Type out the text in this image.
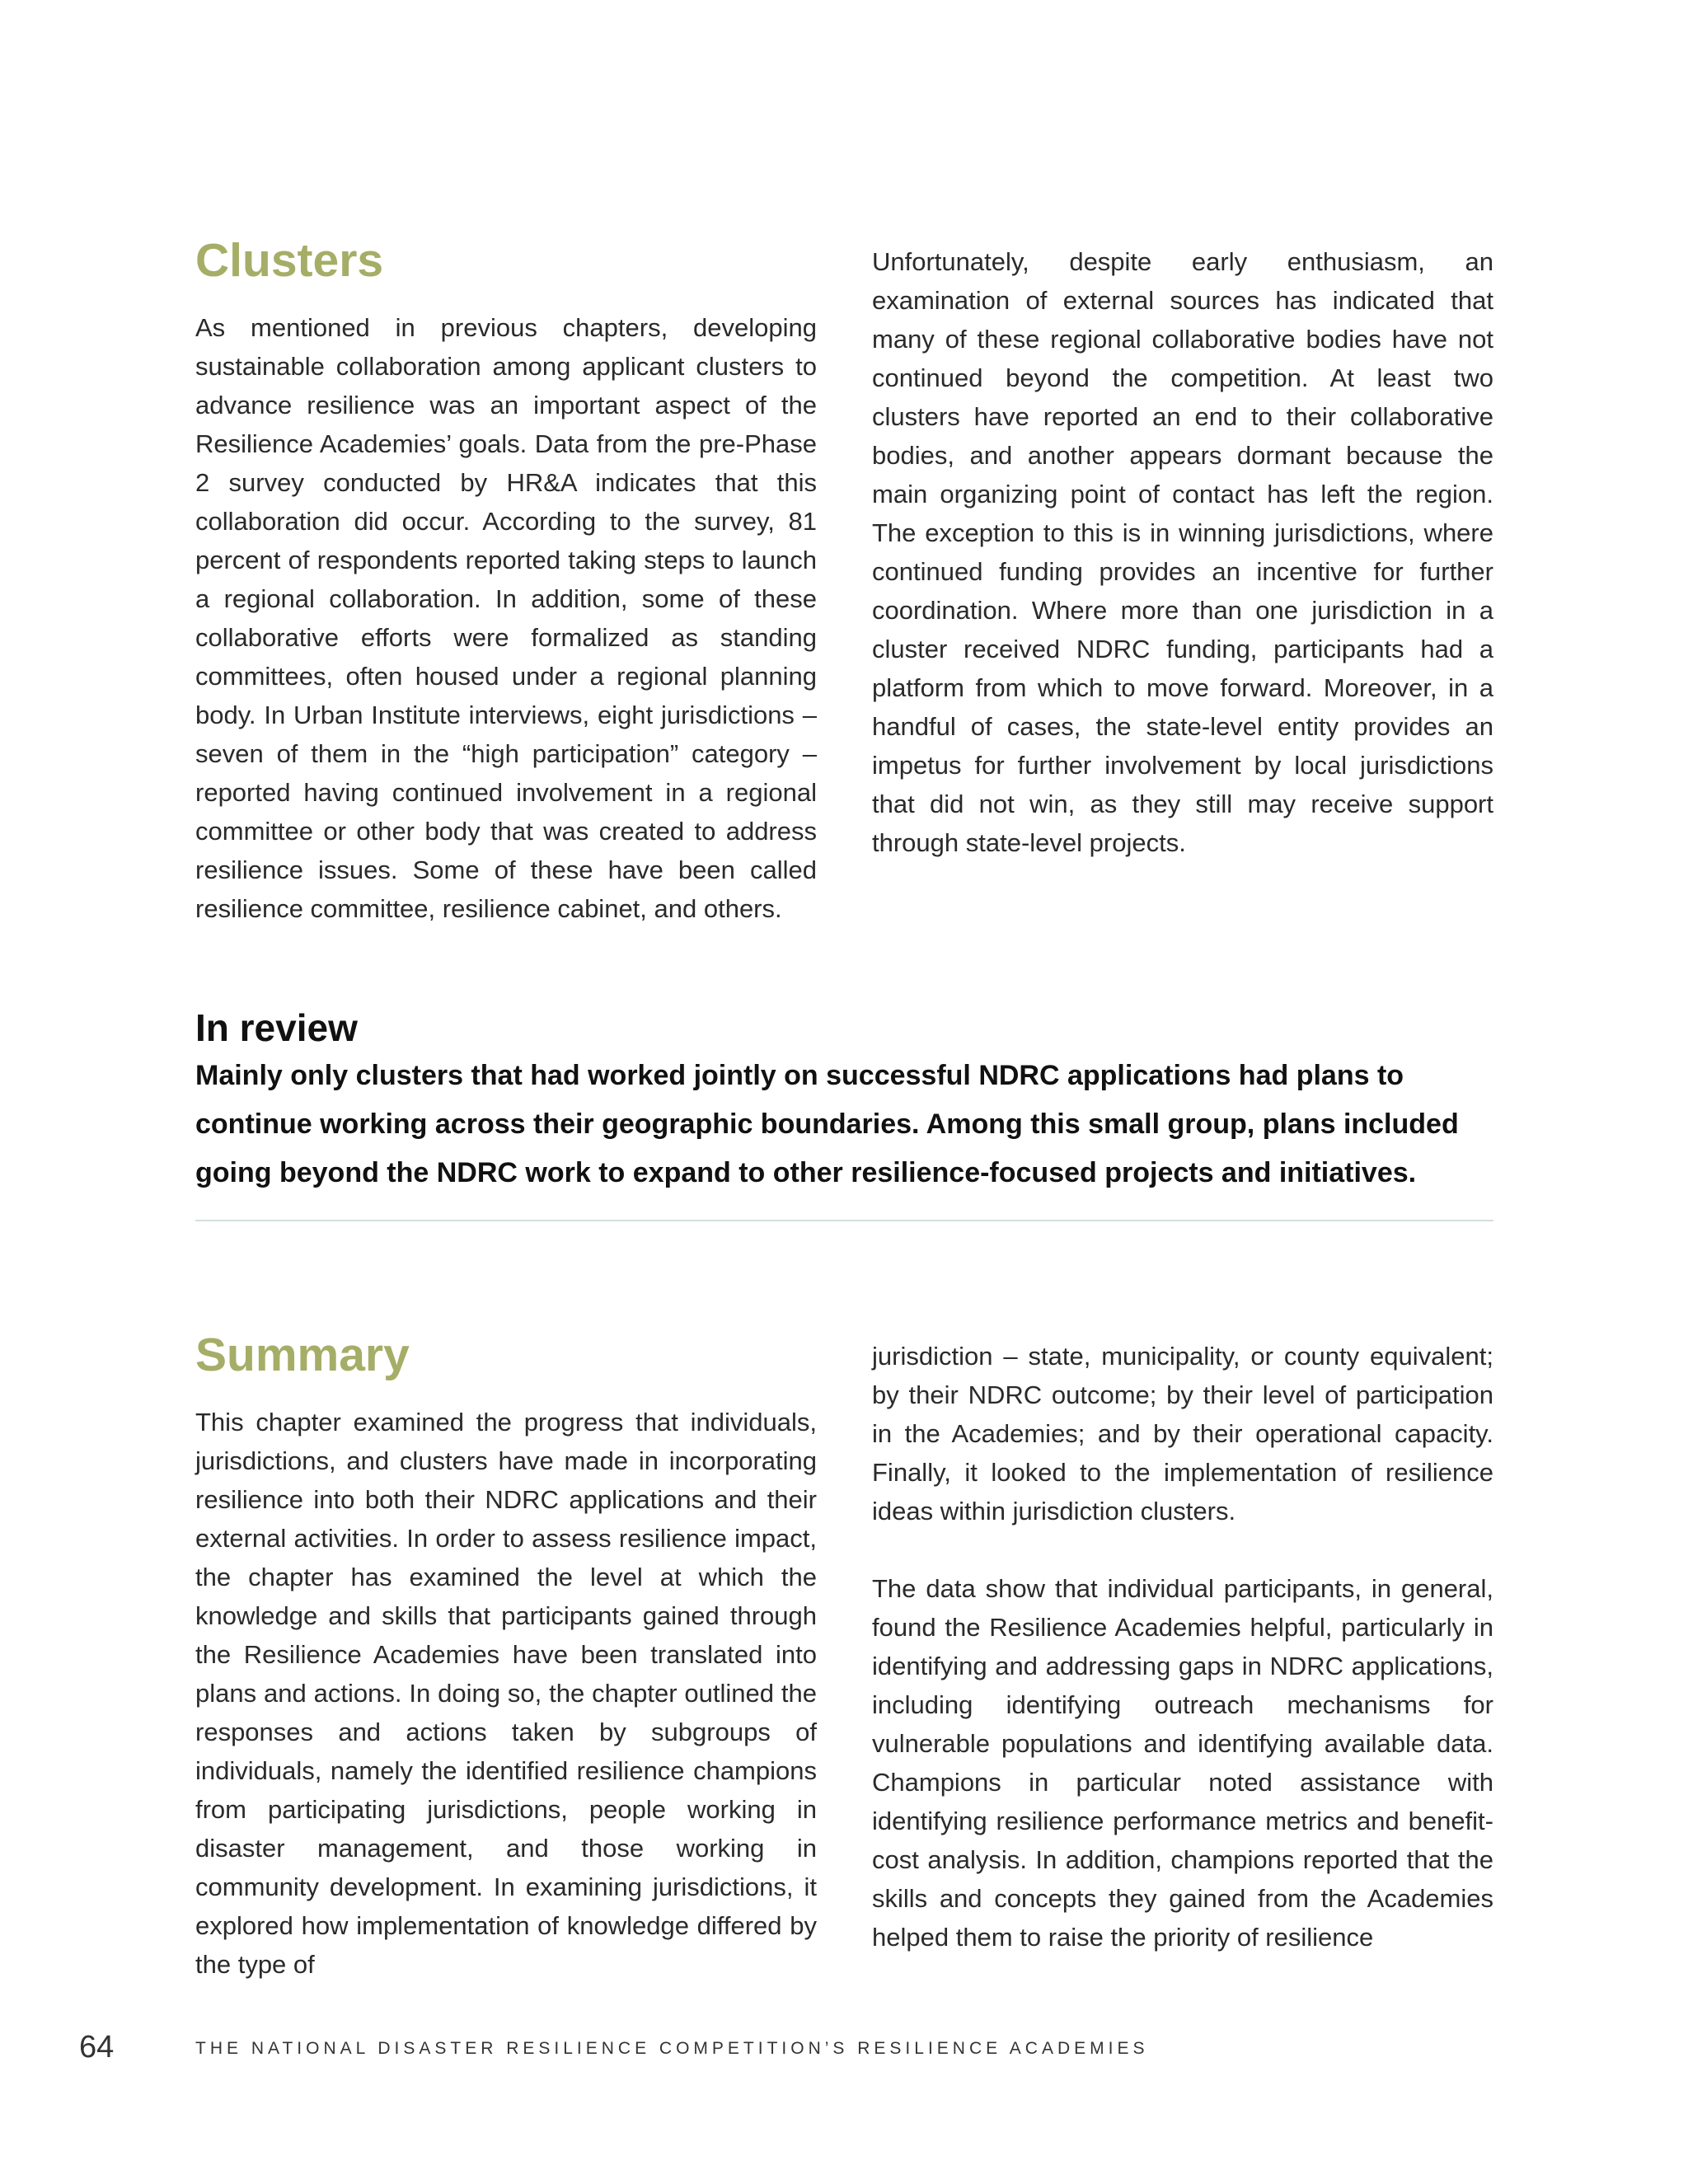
Clusters

As mentioned in previous chapters, developing sustainable collaboration among applicant clusters to advance resilience was an important aspect of the Resilience Academies’ goals. Data from the pre-Phase 2 survey conducted by HR&A indicates that this collaboration did occur. According to the survey, 81 percent of respondents reported taking steps to launch a regional collaboration. In addition, some of these collaborative efforts were formalized as standing committees, often housed under a regional planning body. In Urban Institute interviews, eight jurisdictions – seven of them in the “high participation” category – reported having continued involvement in a regional committee or other body that was created to address resilience issues. Some of these have been called resilience committee, resilience cabinet, and others.

Unfortunately, despite early enthusiasm, an examination of external sources has indicated that many of these regional collaborative bodies have not continued beyond the competition. At least two clusters have reported an end to their collaborative bodies, and another appears dormant because the main organizing point of contact has left the region. The exception to this is in winning jurisdictions, where continued funding provides an incentive for further coordination. Where more than one jurisdiction in a cluster received NDRC funding, participants had a platform from which to move forward. Moreover, in a handful of cases, the state-level entity provides an impetus for further involvement by local jurisdictions that did not win, as they still may receive support through state-level projects.

In review

Mainly only clusters that had worked jointly on successful NDRC applications had plans to continue working across their geographic boundaries. Among this small group, plans included going beyond the NDRC work to expand to other resilience-focused projects and initiatives.

Summary

This chapter examined the progress that individuals, jurisdictions, and clusters have made in incorporating resilience into both their NDRC applications and their external activities. In order to assess resilience impact, the chapter has examined the level at which the knowledge and skills that participants gained through the Resilience Academies have been translated into plans and actions. In doing so, the chapter outlined the responses and actions taken by subgroups of individuals, namely the identified resilience champions from participating jurisdictions, people working in disaster management, and those working in community development. In examining jurisdictions, it explored how implementation of knowledge differed by the type of

jurisdiction – state, municipality, or county equivalent; by their NDRC outcome; by their level of participation in the Academies; and by their operational capacity. Finally, it looked to the implementation of resilience ideas within jurisdiction clusters.

The data show that individual participants, in general, found the Resilience Academies helpful, particularly in identifying and addressing gaps in NDRC applications, including identifying outreach mechanisms for vulnerable populations and identifying available data. Champions in particular noted assistance with identifying resilience performance metrics and benefit-cost analysis. In addition, champions reported that the skills and concepts they gained from the Academies helped them to raise the priority of resilience

64	THE NATIONAL DISASTER RESILIENCE COMPETITION’S RESILIENCE ACADEMIES
